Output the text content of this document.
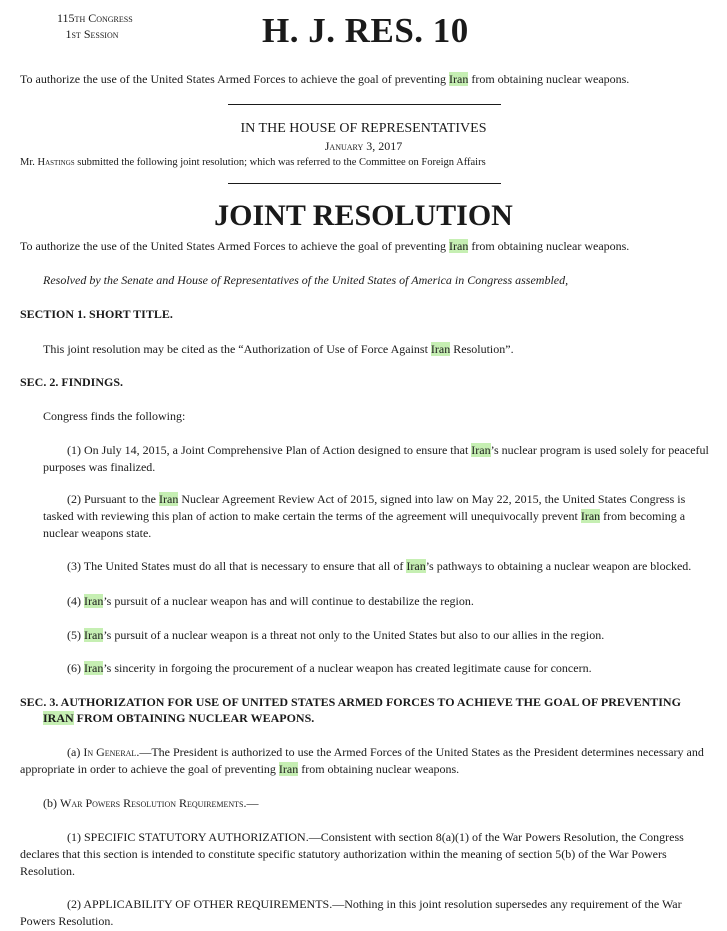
115th Congress
1st Session	H. J. RES. 10
To authorize the use of the United States Armed Forces to achieve the goal of preventing Iran from obtaining nuclear weapons.
IN THE HOUSE OF REPRESENTATIVES
January 3, 2017
Mr. Hastings submitted the following joint resolution; which was referred to the Committee on Foreign Affairs
JOINT RESOLUTION
To authorize the use of the United States Armed Forces to achieve the goal of preventing Iran from obtaining nuclear weapons.
Resolved by the Senate and House of Representatives of the United States of America in Congress assembled,
SECTION 1. SHORT TITLE.
This joint resolution may be cited as the “Authorization of Use of Force Against Iran Resolution”.
SEC. 2. FINDINGS.
Congress finds the following:
(1) On July 14, 2015, a Joint Comprehensive Plan of Action designed to ensure that Iran’s nuclear program is used solely for peaceful purposes was finalized.
(2) Pursuant to the Iran Nuclear Agreement Review Act of 2015, signed into law on May 22, 2015, the United States Congress is tasked with reviewing this plan of action to make certain the terms of the agreement will unequivocally prevent Iran from becoming a nuclear weapons state.
(3) The United States must do all that is necessary to ensure that all of Iran’s pathways to obtaining a nuclear weapon are blocked.
(4) Iran’s pursuit of a nuclear weapon has and will continue to destabilize the region.
(5) Iran’s pursuit of a nuclear weapon is a threat not only to the United States but also to our allies in the region.
(6) Iran’s sincerity in forgoing the procurement of a nuclear weapon has created legitimate cause for concern.
SEC. 3. AUTHORIZATION FOR USE OF UNITED STATES ARMED FORCES TO ACHIEVE THE GOAL OF PREVENTING
IRAN FROM OBTAINING NUCLEAR WEAPONS.
(a) In General.—The President is authorized to use the Armed Forces of the United States as the President determines necessary and appropriate in order to achieve the goal of preventing Iran from obtaining nuclear weapons.
(b) War Powers Resolution Requirements.—
(1) SPECIFIC STATUTORY AUTHORIZATION.—Consistent with section 8(a)(1) of the War Powers Resolution, the Congress declares that this section is intended to constitute specific statutory authorization within the meaning of section 5(b) of the War Powers Resolution.
(2) APPLICABILITY OF OTHER REQUIREMENTS.—Nothing in this joint resolution supersedes any requirement of the War Powers Resolution.
